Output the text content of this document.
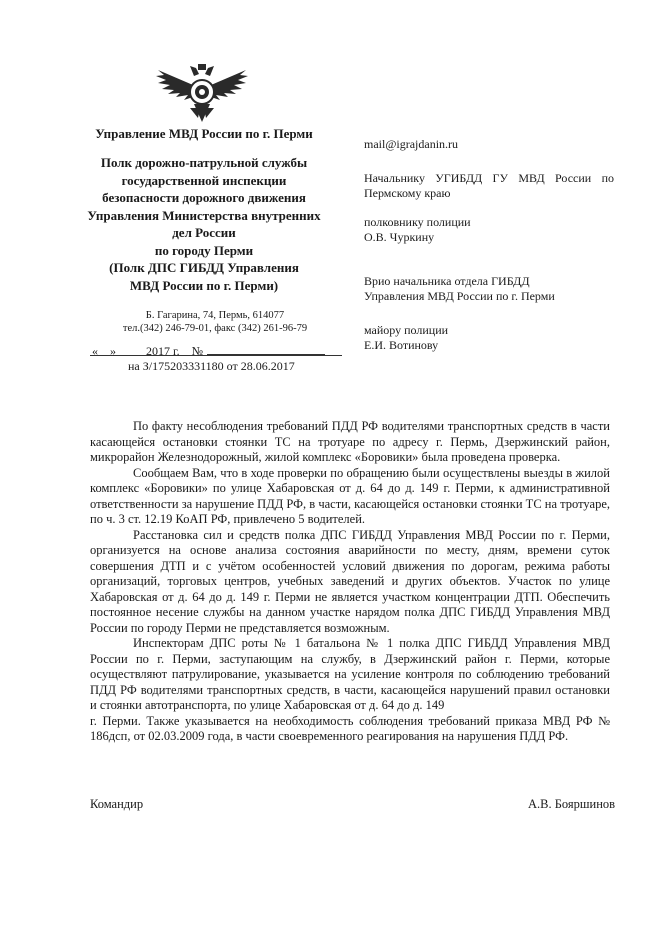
Управление МВД России по г. Перми
Полк дорожно-патрульной службы
государственной инспекции
безопасности дорожного движения
Управления Министерства внутренних
дел России
по городу Перми
(Полк ДПС ГИБДД Управления
МВД России по г. Перми)
Б. Гагарина, 74, Пермь, 614077
тел.(342) 246-79-01, факс (342) 261-96-79
«    »          2017 г.    №
на З/175203331180 от 28.06.2017
mail@igrajdanin.ru
Начальнику УГИБДД ГУ МВД России по
Пермскому краю
полковнику полиции
О.В. Чуркину
Врио начальника отдела ГИБДД
Управления МВД России по г. Перми
майору полиции
Е.И. Вотинову

По факту несоблюдения требований ПДД РФ водителями транспортных средств в части касающейся остановки стоянки ТС на тротуаре по адресу г. Пермь, Дзержинский район, микрорайон Железнодорожный, жилой комплекс «Боровики» была проведена проверка.

Сообщаем Вам, что в ходе проверки по обращению были осуществлены выезды в жилой комплекс «Боровики» по улице Хабаровская от д. 64 до д. 149 г. Перми, к административной ответственности за нарушение ПДД РФ, в части, касающейся остановки стоянки ТС на тротуаре, по ч. 3 ст. 12.19 КоАП РФ, привлечено 5 водителей.

Расстановка сил и средств полка ДПС ГИБДД Управления МВД России по г. Перми, организуется на основе анализа состояния аварийности по месту, дням, времени суток совершения ДТП и с учётом особенностей условий движения по дорогам, режима работы организаций, торговых центров, учебных заведений и других объектов. Участок по улице Хабаровская от д. 64 до д. 149 г. Перми не является участком концентрации ДТП. Обеспечить постоянное несение службы на данном участке нарядом полка ДПС ГИБДД Управления МВД России по городу Перми не представляется возможным.

Инспекторам ДПС роты № 1 батальона № 1 полка ДПС ГИБДД Управления МВД России по г. Перми, заступающим на службу, в Дзержинский район г. Перми, которые осуществляют патрулирование, указывается на усиление контроля по соблюдению требований ПДД РФ водителями транспортных средств, в части, касающейся нарушений правил остановки и стоянки автотранспорта, по улице Хабаровская от д. 64 до д. 149

г. Перми. Также указывается на необходимость соблюдения требований приказа МВД РФ № 186дсп, от 02.03.2009 года, в части своевременного реагирования на нарушения ПДД РФ.

Командир	А.В. Бояршинов
